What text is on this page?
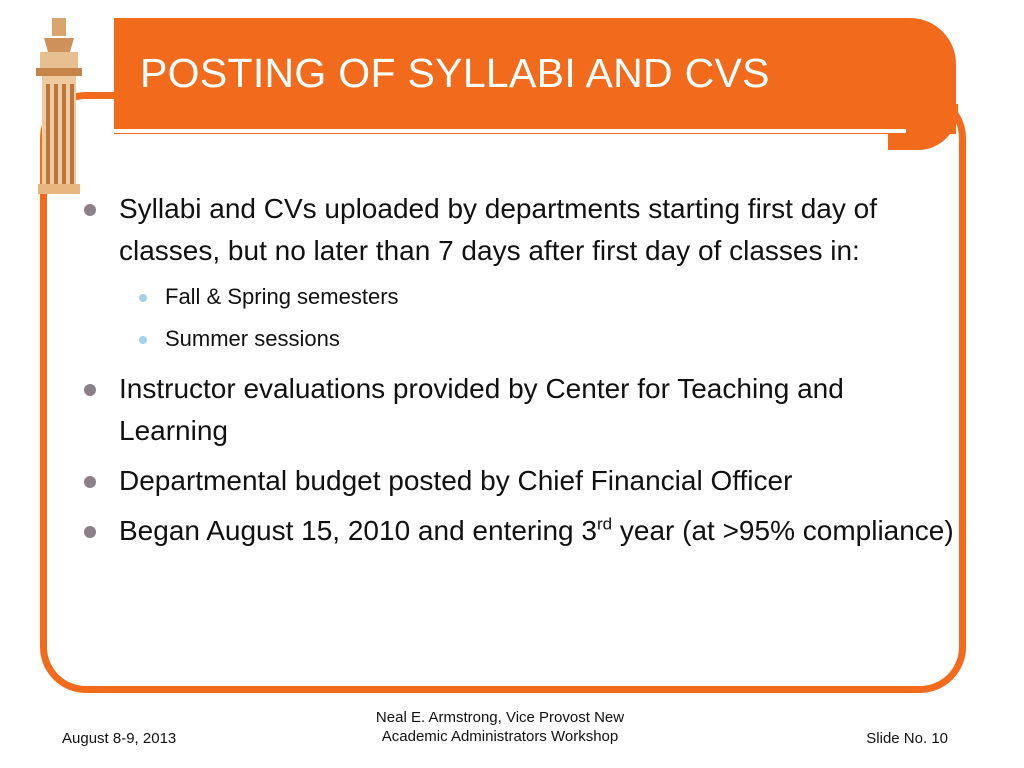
POSTING OF SYLLABI AND CVS
Syllabi and CVs uploaded by departments starting first day of classes, but no later than 7 days after first day of classes in:
Fall & Spring semesters
Summer sessions
Instructor evaluations provided by Center for Teaching and Learning
Departmental budget posted by Chief Financial Officer
Began August 15, 2010 and entering 3rd year (at >95% compliance)
August 8-9, 2013
Neal E. Armstrong, Vice Provost New
Academic Administrators Workshop	Slide No. 10
